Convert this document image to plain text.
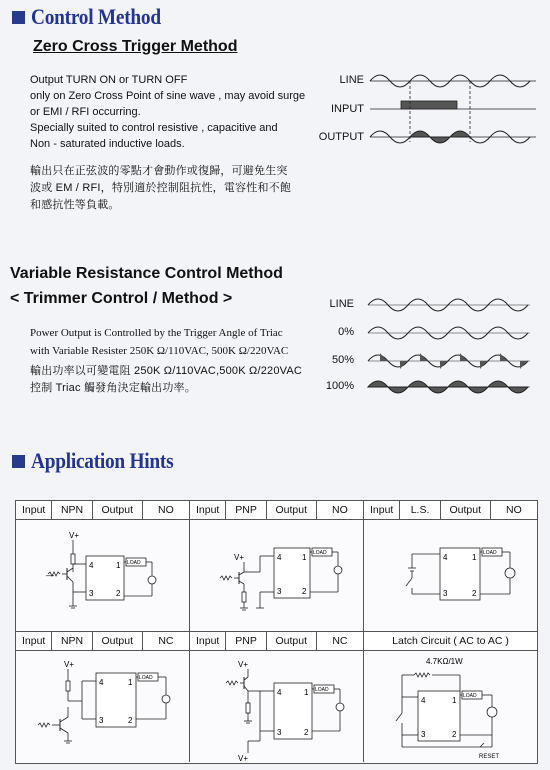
Control Method
Zero Cross Trigger Method
Output TURN ON or TURN OFF
only on Zero Cross Point of sine wave , may avoid surge
or EMI / RFI occurring.
Specially suited to control resistive , capacitive and
Non - saturated inductive loads.
輸出只在正弦波的零點才會動作或復歸，可避免生突
波或 EM / RFI，特別適於控制阻抗性，電容性和不飽
和感抗性等負載。
LINE
INPUT
OUTPUT
Variable Resistance Control Method
< Trimmer Control / Method >
Power Output is Controlled by the Trigger Angle of Triac
with Variable Resister 250K Ω/110VAC, 500K Ω/220VAC
輸出功率以可變電阻 250K Ω/110VAC,500K Ω/220VAC
控制 Triac 觸發角決定輸出功率。
LINE
0%
50%
100%
Application Hints
Input	NPN	Output	NO
V+
4	1
3	2
—
LOAD
Input	PNP	Output	NO
4	1
3	2
V+	LOAD
Input	L.S.	Output	NO
4	1
3	2
LOAD
Input	NPN	Output	NC
4	1
3	2
V+
LOAD
Input	PNP	Output	NC
4	1
3	2
V+
V+
LOAD
Latch Circuit ( AC to AC )
4.7KΩ/1W
4	1
3	2
LOAD
RESET
